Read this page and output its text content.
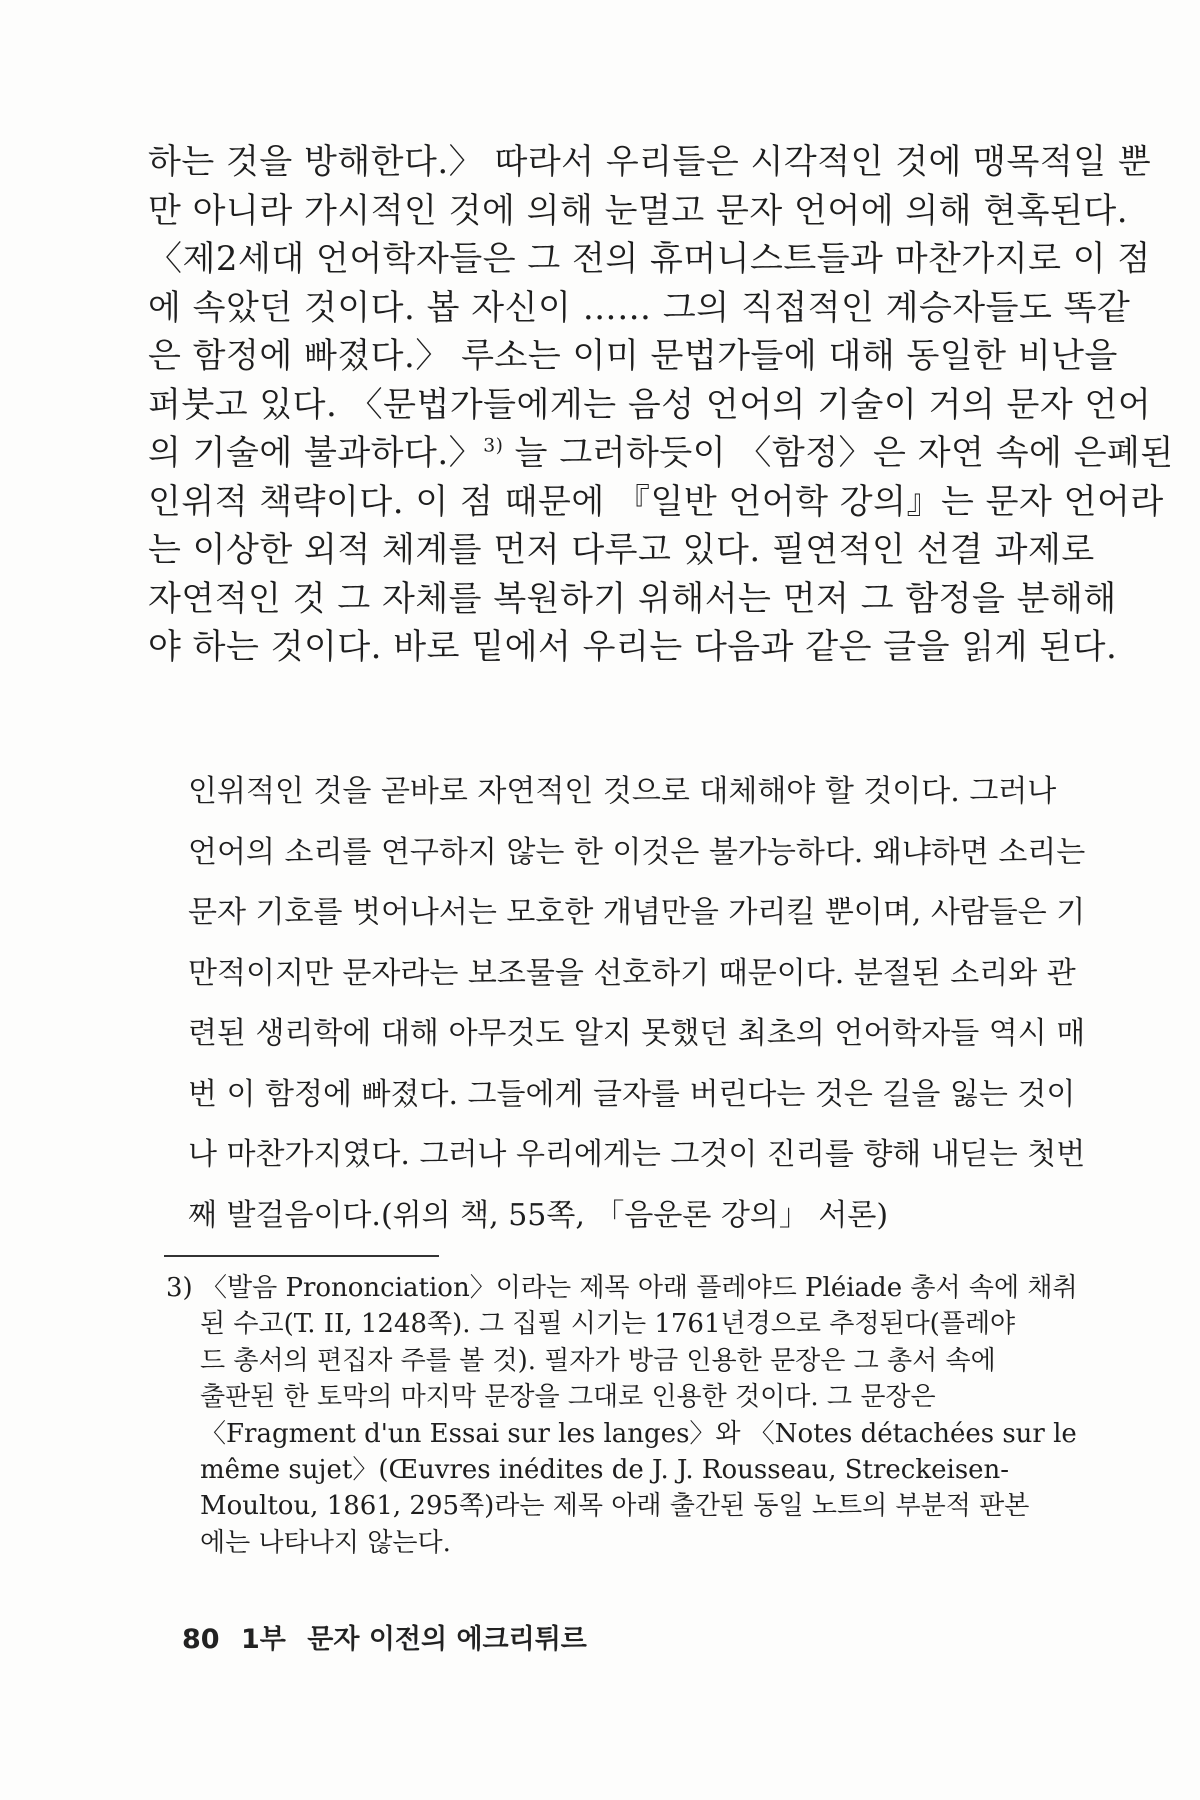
하는 것을 방해한다.〉 따라서 우리들은 시각적인 것에 맹목적일 뿐
만 아니라 가시적인 것에 의해 눈멀고 문자 언어에 의해 현혹된다.
〈제2세대 언어학자들은 그 전의 휴머니스트들과 마찬가지로 이 점
에 속았던 것이다. 봅 자신이 …… 그의 직접적인 계승자들도 똑같
은 함정에 빠졌다.〉 루소는 이미 문법가들에 대해 동일한 비난을
퍼붓고 있다. 〈문법가들에게는 음성 언어의 기술이 거의 문자 언어
의 기술에 불과하다.〉$^{3)}$ 늘 그러하듯이 〈함정〉은 자연 속에 은폐된
인위적 책략이다. 이 점 때문에 『일반 언어학 강의』는 문자 언어라
는 이상한 외적 체계를 먼저 다루고 있다. 필연적인 선결 과제로
자연적인 것 그 자체를 복원하기 위해서는 먼저 그 함정을 분해해
야 하는 것이다. 바로 밑에서 우리는 다음과 같은 글을 읽게 된다.
인위적인 것을 곧바로 자연적인 것으로 대체해야 할 것이다. 그러나
언어의 소리를 연구하지 않는 한 이것은 불가능하다. 왜냐하면 소리는
문자 기호를 벗어나서는 모호한 개념만을 가리킬 뿐이며, 사람들은 기
만적이지만 문자라는 보조물을 선호하기 때문이다. 분절된 소리와 관
련된 생리학에 대해 아무것도 알지 못했던 최초의 언어학자들 역시 매
번 이 함정에 빠졌다. 그들에게 글자를 버린다는 것은 길을 잃는 것이
나 마찬가지였다. 그러나 우리에게는 그것이 진리를 향해 내딛는 첫번
째 발걸음이다.(위의 책, 55쪽, 「음운론 강의」 서론)
3) 〈발음 Prononciation〉이라는 제목 아래 플레야드 Pléiade 총서 속에 채취
된 수고(T. II, 1248쪽). 그 집필 시기는 1761년경으로 추정된다(플레야
드 총서의 편집자 주를 볼 것). 필자가 방금 인용한 문장은 그 총서 속에
출판된 한 토막의 마지막 문장을 그대로 인용한 것이다. 그 문장은
〈Fragment d'un Essai sur les langes〉와 〈Notes détachées sur le
même sujet〉(Œuvres inédites de J. J. Rousseau, Streckeisen-
Moultou, 1861, 295쪽)라는 제목 아래 출간된 동일 노트의 부분적 판본
에는 나타나지 않는다.
80 1부 문자 이전의 에크리튀르
